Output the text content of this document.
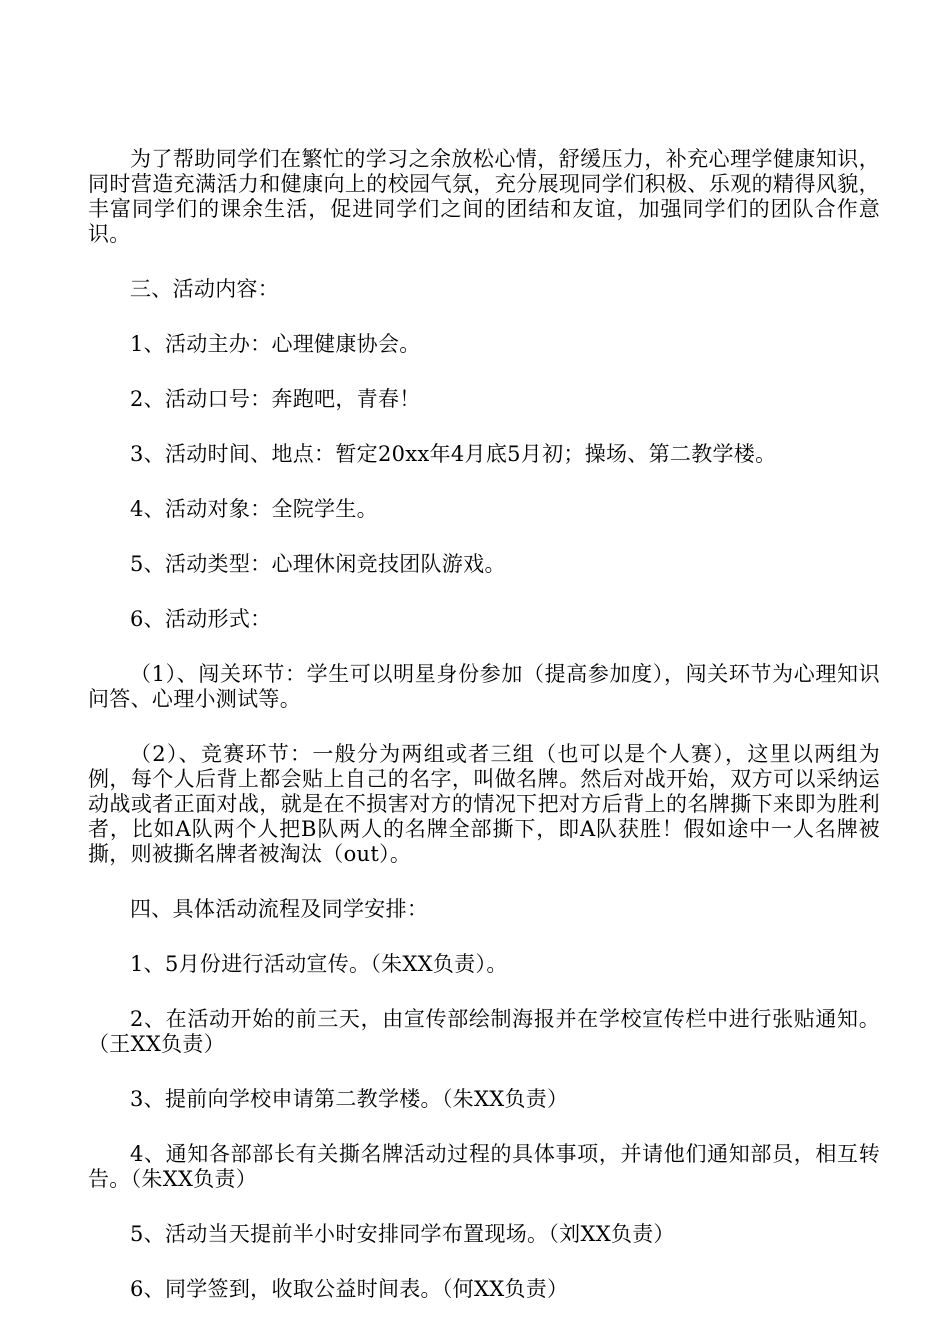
为了帮助同学们在繁忙的学习之余放松心情，舒缓压力，补充心理学健康知识，同时营造充满活力和健康向上的校园气氛，充分展现同学们积极、乐观的精得风貌，丰富同学们的课余生活，促进同学们之间的团结和友谊，加强同学们的团队合作意识。

三、活动内容：

1、活动主办：心理健康协会。

2、活动口号：奔跑吧，青春！

3、活动时间、地点：暂定20xx年4月底5月初；操场、第二教学楼。

4、活动对象：全院学生。

5、活动类型：心理休闲竞技团队游戏。

6、活动形式：

（1）、闯关环节：学生可以明星身份参加（提高参加度），闯关环节为心理知识问答、心理小测试等。

（2）、竞赛环节：一般分为两组或者三组（也可以是个人赛），这里以两组为例，每个人后背上都会贴上自己的名字，叫做名牌。然后对战开始，双方可以采纳运动战或者正面对战，就是在不损害对方的情况下把对方后背上的名牌撕下来即为胜利者，比如A队两个人把B队两人的名牌全部撕下，即A队获胜！假如途中一人名牌被撕，则被撕名牌者被淘汰（out）。

四、具体活动流程及同学安排：

1、5月份进行活动宣传。（朱XX负责）。

2、在活动开始的前三天，由宣传部绘制海报并在学校宣传栏中进行张贴通知。（王XX负责）

3、提前向学校申请第二教学楼。（朱XX负责）

4、通知各部部长有关撕名牌活动过程的具体事项，并请他们通知部员，相互转告。（朱XX负责）

5、活动当天提前半小时安排同学布置现场。（刘XX负责）

6、同学签到，收取公益时间表。（何XX负责）
